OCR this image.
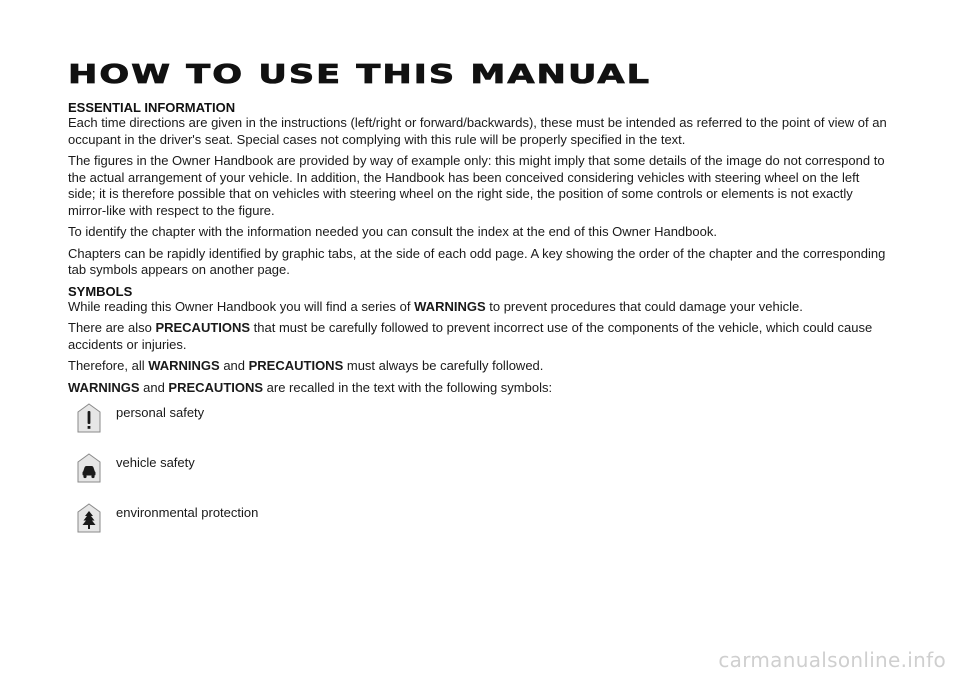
HOW TO USE THIS MANUAL
ESSENTIAL INFORMATION

Each time directions are given in the instructions (left/right or forward/backwards), these must be intended as referred to the point of view of an occupant in the driver's seat. Special cases not complying with this rule will be properly specified in the text.

The figures in the Owner Handbook are provided by way of example only: this might imply that some details of the image do not correspond to the actual arrangement of your vehicle. In addition, the Handbook has been conceived considering vehicles with steering wheel on the left side; it is therefore possible that on vehicles with steering wheel on the right side, the position of some controls or elements is not exactly mirror-like with respect to the figure.

To identify the chapter with the information needed you can consult the index at the end of this Owner Handbook.

Chapters can be rapidly identified by graphic tabs, at the side of each odd page. A key showing the order of the chapter and the corresponding tab symbols appears on another page.

SYMBOLS

While reading this Owner Handbook you will find a series of WARNINGS to prevent procedures that could damage your vehicle.

There are also PRECAUTIONS that must be carefully followed to prevent incorrect use of the components of the vehicle, which could cause accidents or injuries.

Therefore, all WARNINGS and PRECAUTIONS must always be carefully followed.

WARNINGS and PRECAUTIONS are recalled in the text with the following symbols:

personal safety
vehicle safety
environmental protection
carmanualsonline.info
